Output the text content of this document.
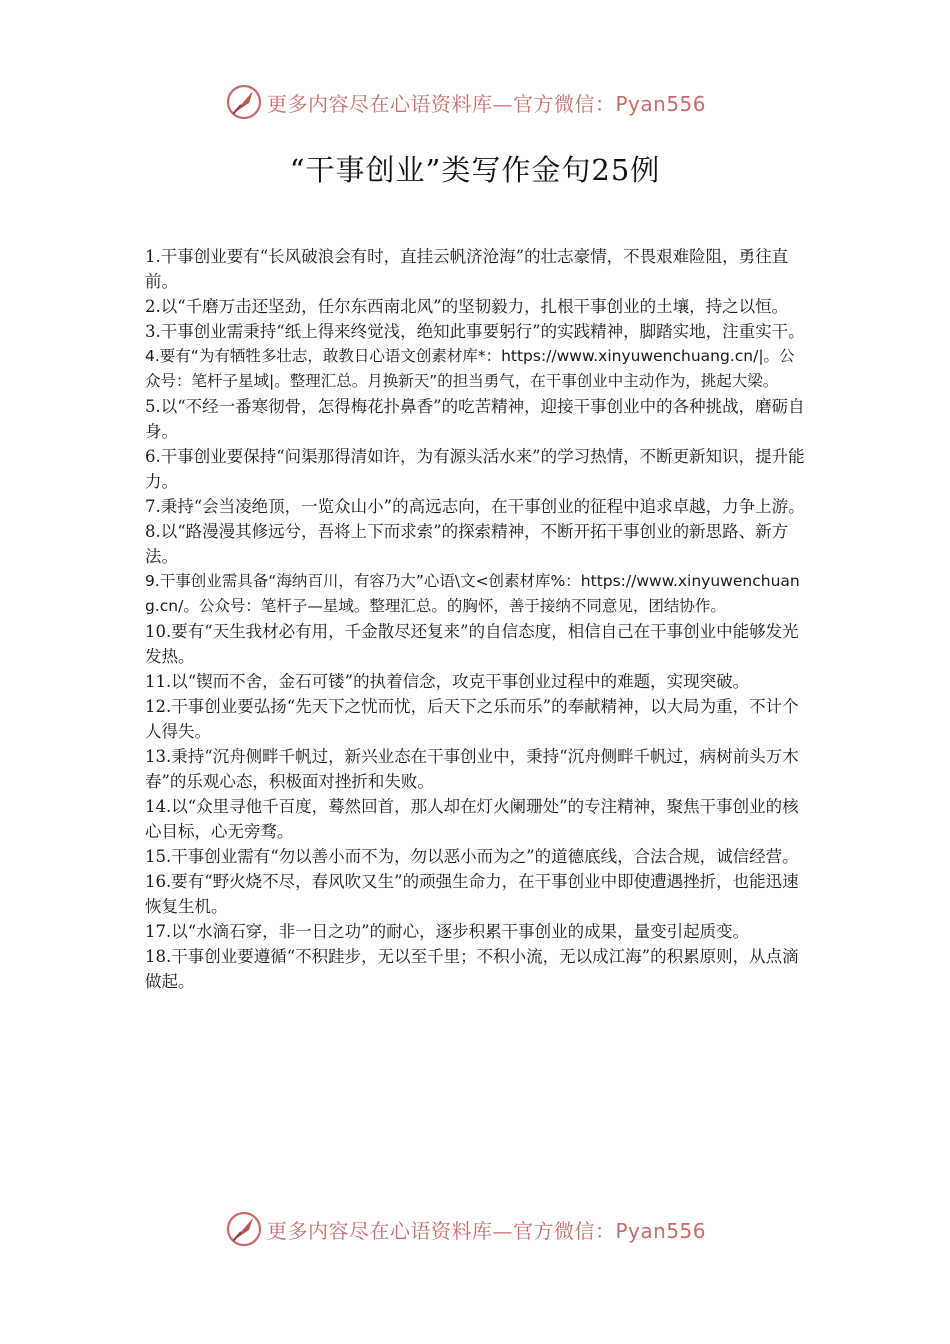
更多内容尽在心语资料库—官方微信：Pyan556
“干事创业”类写作金句25例

1.干事创业要有“长风破浪会有时，直挂云帆济沧海”的壮志豪情，不畏艰难险阻，勇往直前。

2.以“千磨万击还坚劲，任尔东西南北风”的坚韧毅力，扎根干事创业的土壤，持之以恒。

3.干事创业需秉持“纸上得来终觉浅，绝知此事要躬行”的实践精神，脚踏实地，注重实干。

4.要有“为有牺牲多壮志，敢教日心语文创素材库*：https://www.xinyuwenchuang.cn/|。公众号：笔杆子星域|。整理汇总。月换新天”的担当勇气，在干事创业中主动作为，挑起大梁。

5.以“不经一番寒彻骨，怎得梅花扑鼻香”的吃苦精神，迎接干事创业中的各种挑战，磨砺自身。

6.干事创业要保持“问渠那得清如许，为有源头活水来”的学习热情，不断更新知识，提升能力。

7.秉持“会当凌绝顶，一览众山小”的高远志向，在干事创业的征程中追求卓越，力争上游。

8.以“路漫漫其修远兮，吾将上下而求索”的探索精神，不断开拓干事创业的新思路、新方法。

9.干事创业需具备“海纳百川，有容乃大”心语\文<创素材库%：https://www.xinyuwenchuang.cn/。公众号：笔杆子—星域。整理汇总。的胸怀，善于接纳不同意见，团结协作。

10.要有“天生我材必有用，千金散尽还复来”的自信态度，相信自己在干事创业中能够发光发热。

11.以“锲而不舍，金石可镂”的执着信念，攻克干事创业过程中的难题，实现突破。

12.干事创业要弘扬“先天下之忧而忧，后天下之乐而乐”的奉献精神，以大局为重，不计个人得失。

13.秉持“沉舟侧畔千帆过，新兴业态在干事创业中，秉持“沉舟侧畔千帆过，病树前头万木春”的乐观心态，积极面对挫折和失败。

14.以“众里寻他千百度，蓦然回首，那人却在灯火阑珊处”的专注精神，聚焦干事创业的核心目标，心无旁骛。

15.干事创业需有“勿以善小而不为，勿以恶小而为之”的道德底线，合法合规，诚信经营。

16.要有“野火烧不尽，春风吹又生”的顽强生命力，在干事创业中即使遭遇挫折，也能迅速恢复生机。

17.以“水滴石穿，非一日之功”的耐心，逐步积累干事创业的成果，量变引起质变。

18.干事创业要遵循“不积跬步，无以至千里；不积小流，无以成江海”的积累原则，从点滴做起。

更多内容尽在心语资料库—官方微信：Pyan556
